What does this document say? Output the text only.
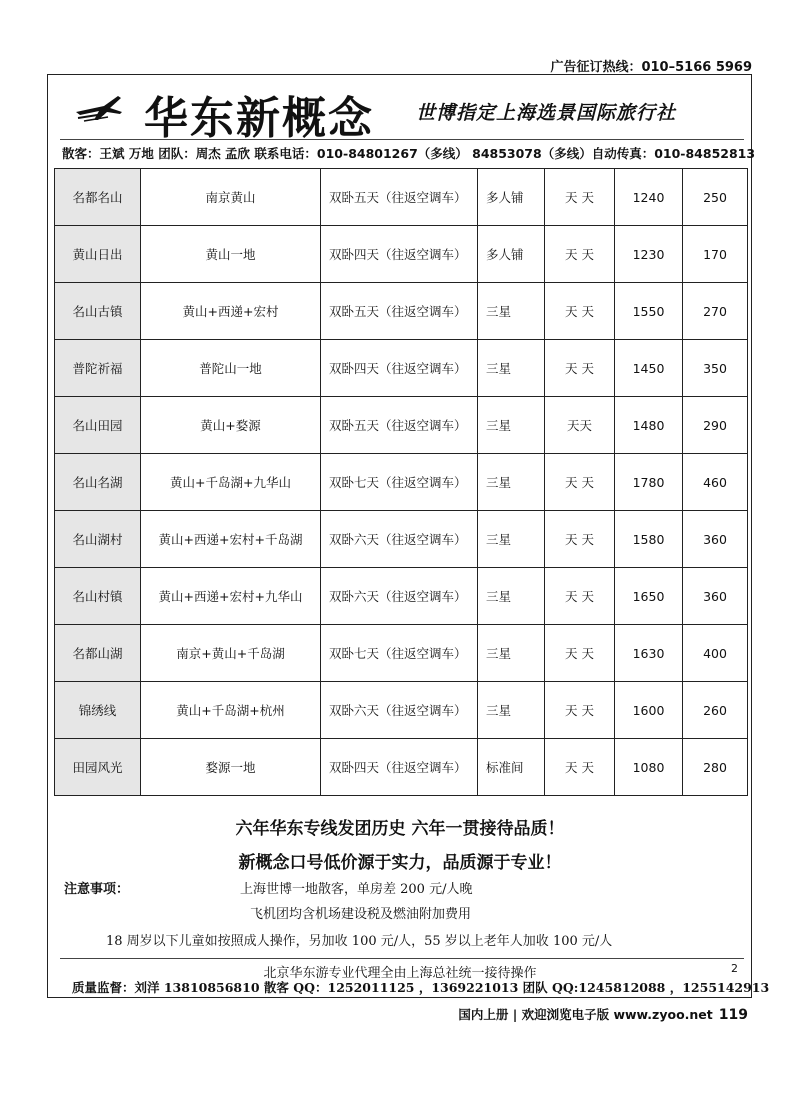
广告征订热线：010–5166 5969
华东新概念 世博指定上海选景国际旅行社
散客：王斌 万地 团队：周杰 孟欣 联系电话：010-84801267（多线） 84853078（多线）自动传真：010-84852813
名都名山	南京黄山	双卧五天（往返空调车）	多人铺	天 天	1240	250
黄山日出	黄山一地	双卧四天（往返空调车）	多人铺	天 天	1230	170
名山古镇	黄山+西递+宏村	双卧五天（往返空调车）	三星	天 天	1550	270
普陀祈福	普陀山一地	双卧四天（往返空调车）	三星	天 天	1450	350
名山田园	黄山+婺源	双卧五天（往返空调车）	三星	天天	1480	290
名山名湖	黄山+千岛湖+九华山	双卧七天（往返空调车）	三星	天 天	1780	460
名山湖村	黄山+西递+宏村+千岛湖	双卧六天（往返空调车）	三星	天 天	1580	360
名山村镇	黄山+西递+宏村+九华山	双卧六天（往返空调车）	三星	天 天	1650	360
名都山湖	南京+黄山+千岛湖	双卧七天（往返空调车）	三星	天 天	1630	400
锦绣线	黄山+千岛湖+杭州	双卧六天（往返空调车）	三星	天 天	1600	260
田园风光	婺源一地	双卧四天（往返空调车）	标准间	天 天	1080	280
六年华东专线发团历史 六年一贯接待品质！
新概念口号低价源于实力，品质源于专业！
注意事项：	上海世博一地散客，单房差 200 元/人晚
飞机团均含机场建设税及燃油附加费用
18 周岁以下儿童如按照成人操作，另加收 100 元/人，55 岁以上老年人加收 100 元/人
北京华东游专业代理全由上海总社统一接待操作	2
质量监督：刘洋 13810856810 散客 QQ：1252011125 ，1369221013 团队 QQ:1245812088 ，1255142913
国内上册 | 欢迎浏览电子版 www.zyoo.net 119
